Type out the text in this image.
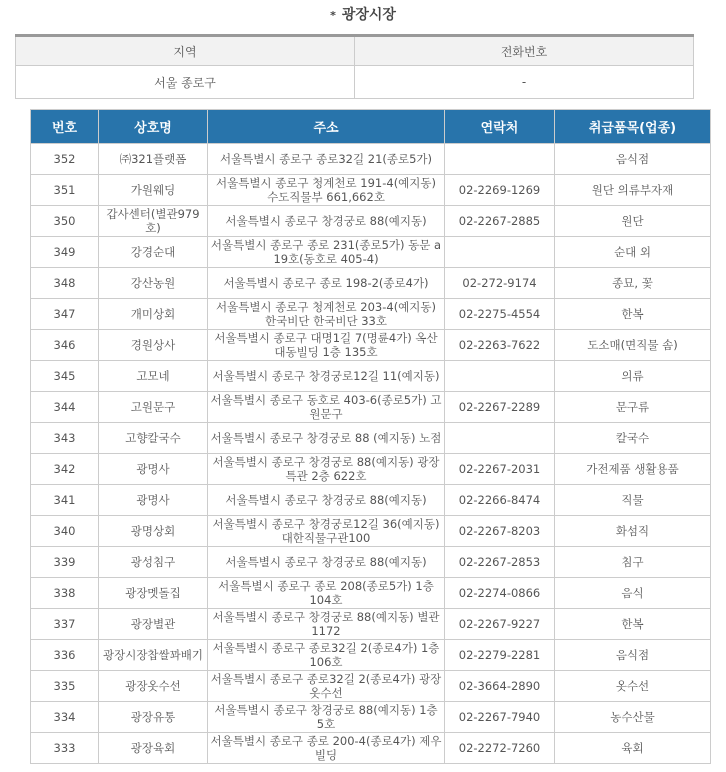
* 광장시장
지역	전화번호
서울 종로구	-
번호	상호명	주소	연락처	취급품목(업종)
352	㈜321플랫폼	서울특별시 종로구 종로32길 21(종로5가)		음식점
351	가원웨딩	서울특별시 종로구 청계천로 191-4(예지동) 수도직물부 661,662호	02-2269-1269	원단 의류부자재
350	갑사센터(별관979호)	서울특별시 종로구 창경궁로 88(예지동)	02-2267-2885	원단
349	강경순대	서울특별시 종로구 종로 231(종로5가) 동문 a 19호(동호로 405-4)		순대 외
348	강산농원	서울특별시 종로구 종로 198-2(종로4가)	02-272-9174	종묘, 꽃
347	개미상회	서울특별시 종로구 청계천로 203-4(예지동) 한국비단 한국비단 33호	02-2275-4554	한복
346	경원상사	서울특별시 종로구 대명1길 7(명륜4가) 옥산 대동빌딩 1층 135호	02-2263-7622	도소매(면직물 솜)
345	고모네	서울특별시 종로구 창경궁로12길 11(예지동)		의류
344	고원문구	서울특별시 종로구 동호로 403-6(종로5가) 고원문구	02-2267-2289	문구류
343	고향칼국수	서울특별시 종로구 창경궁로 88 (예지동) 노점		칼국수
342	광명사	서울특별시 종로구 창경궁로 88(예지동) 광장특관 2층 622호	02-2267-2031	가전제품 생활용품
341	광명사	서울특별시 종로구 창경궁로 88(예지동)	02-2266-8474	직물
340	광명상회	서울특별시 종로구 창경궁로12길 36(예지동) 대한직물구관100	02-2267-8203	화섬직
339	광성침구	서울특별시 종로구 창경궁로 88(예지동)	02-2267-2853	침구
338	광장멧돌집	서울특별시 종로구 종로 208(종로5가) 1층 104호	02-2274-0866	음식
337	광장별관	서울특별시 종로구 창경궁로 88(예지동) 별관 1172	02-2267-9227	한복
336	광장시장찹쌀꽈배기	서울특별시 종로구 종로32길 2(종로4가) 1층 106호	02-2279-2281	음식점
335	광장옷수선	서울특별시 종로구 종로32길 2(종로4가) 광장옷수선	02-3664-2890	옷수선
334	광장유통	서울특별시 종로구 창경궁로 88(예지동) 1층 5호	02-2267-7940	농수산물
333	광장육회	서울특별시 종로구 종로 200-4(종로4가) 제우빌딩	02-2272-7260	육회
